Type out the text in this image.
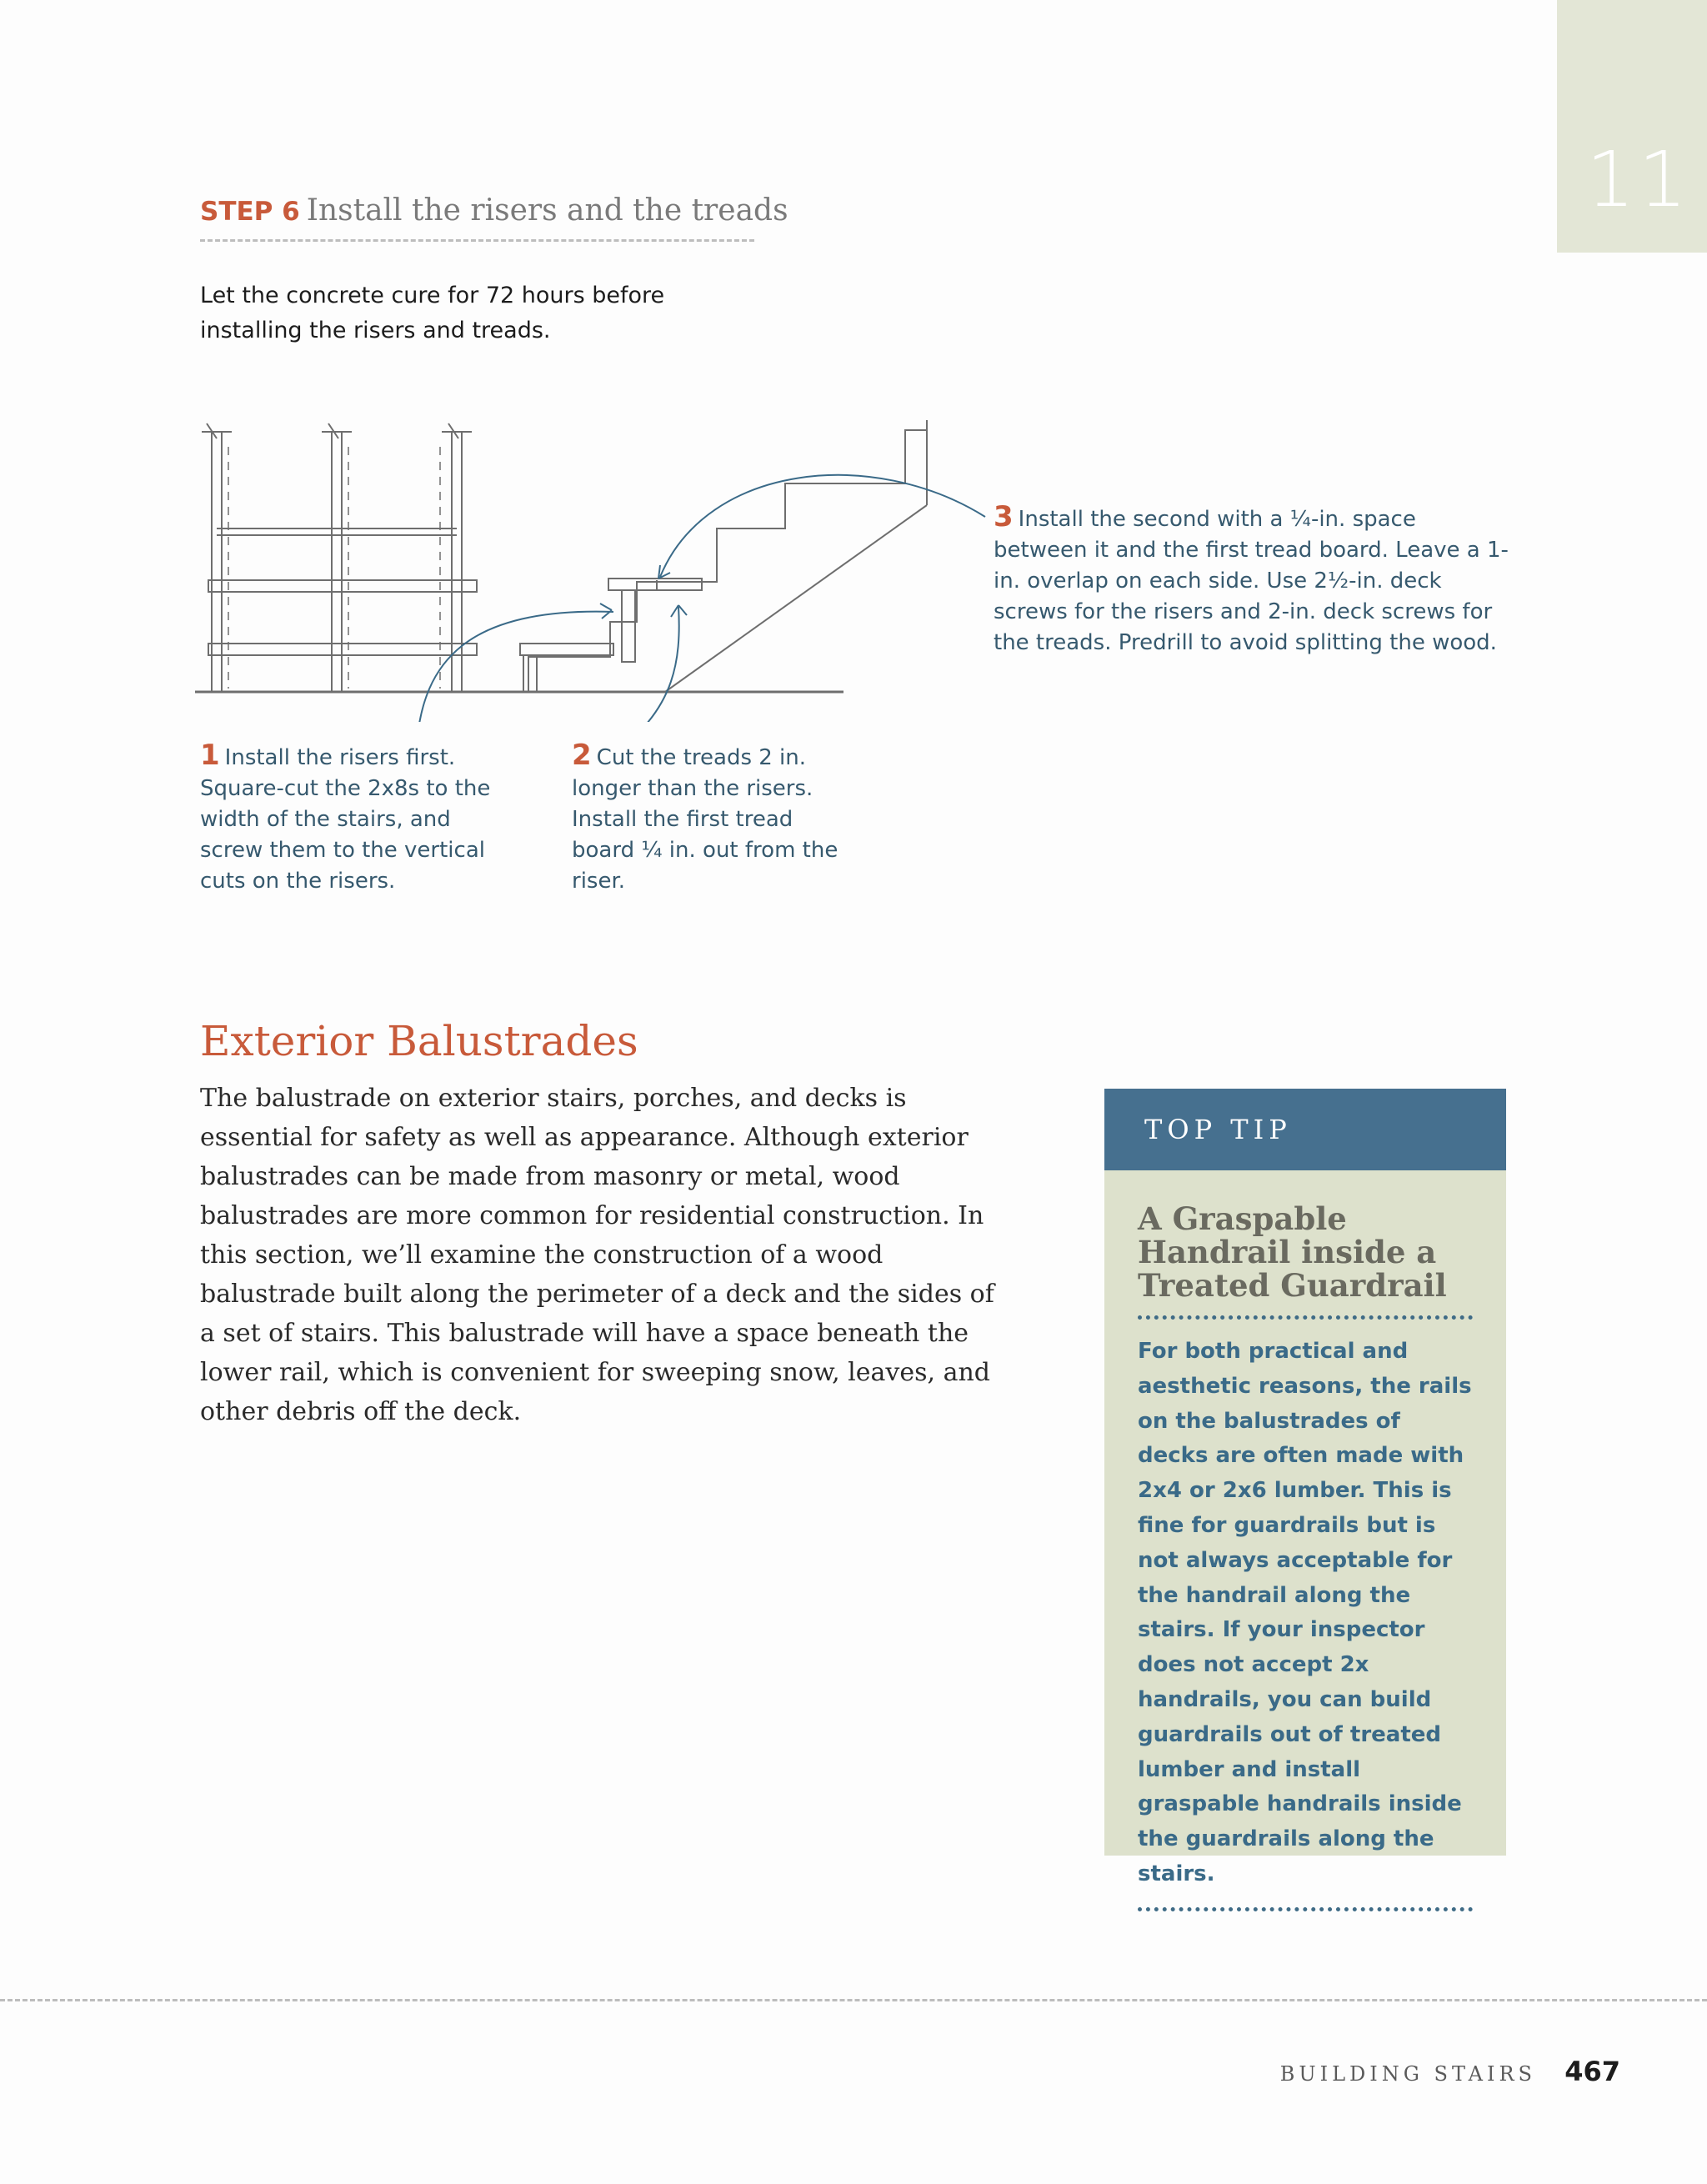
11
STEP 6 Install the risers and the treads
Let the concrete cure for 72 hours before installing the risers and treads.
1 Install the risers first. Square-cut the 2x8s to the width of the stairs, and screw them to the vertical cuts on the risers.
2 Cut the treads 2 in. longer than the risers. Install the first tread board ¼ in. out from the riser.
3 Install the second with a ¼-in. space between it and the first tread board. Leave a 1-in. overlap on each side. Use 2½-in. deck screws for the risers and 2-in. deck screws for the treads. Predrill to avoid splitting the wood.
Exterior Balustrades

The balustrade on exterior stairs, porches, and decks is essential for safety as well as appearance. Although exterior balustrades can be made from masonry or metal, wood balustrades are more common for residential construction. In this section, we’ll examine the construction of a wood balustrade built along the perimeter of a deck and the sides of a set of stairs. This balustrade will have a space beneath the lower rail, which is convenient for sweeping snow, leaves, and other debris off the deck.

TOP TIP
A Graspable Handrail inside a Treated Guardrail
For both practical and aesthetic reasons, the rails on the balustrades of decks are often made with 2x4 or 2x6 lumber. This is fine for guardrails but is not always acceptable for the handrail along the stairs. If your inspector does not accept 2x handrails, you can build guardrails out of treated lumber and install graspable handrails inside the guardrails along the stairs.
BUILDING STAIRS 467
